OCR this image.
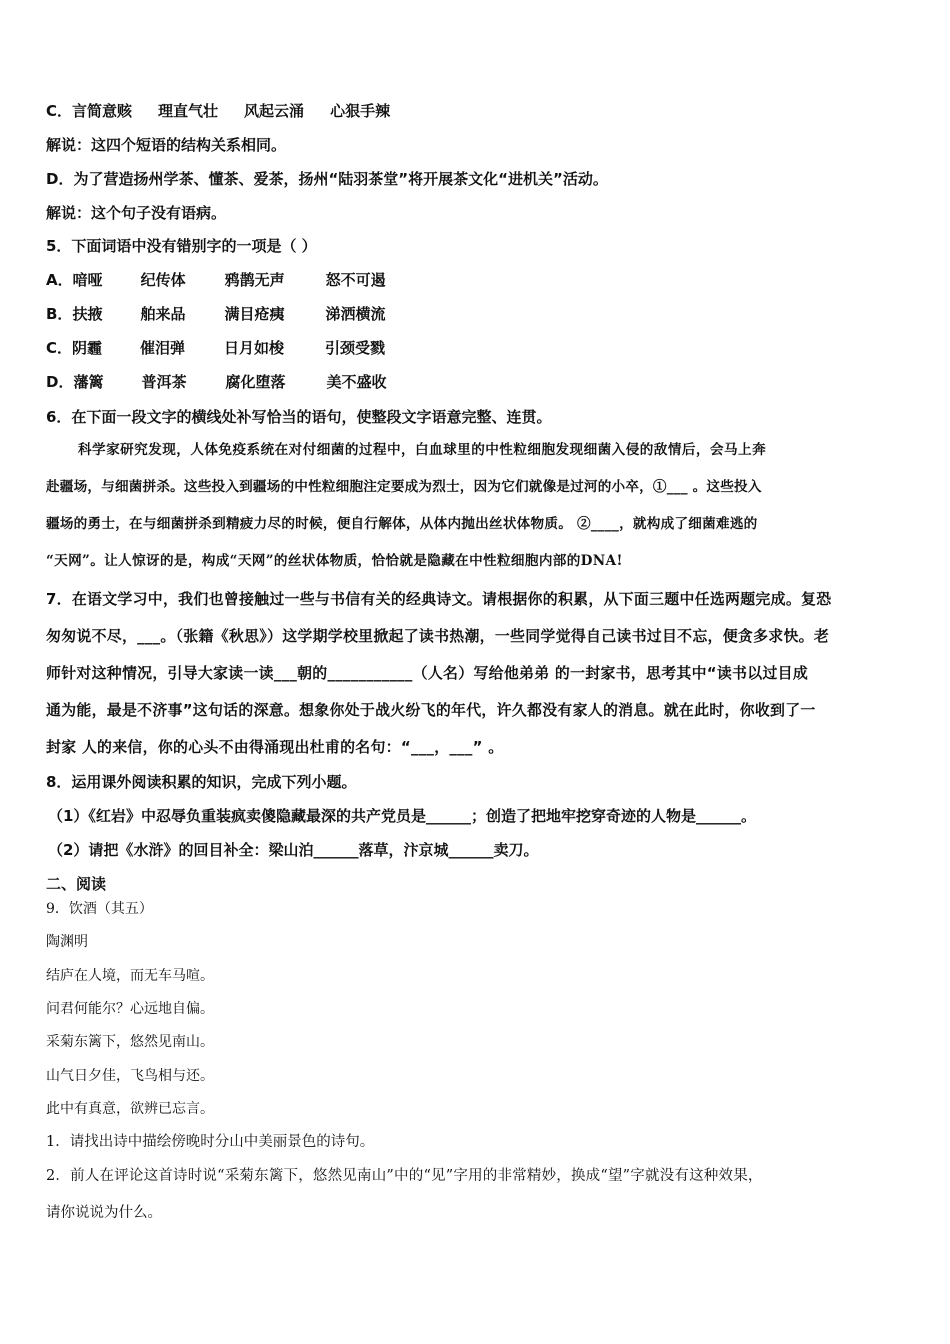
C．言简意赅 理直气壮 风起云涌 心狠手辣
解说：这四个短语的结构关系相同。
D．为了营造扬州学茶、懂茶、爱茶，扬州“陆羽茶堂”将开展茶文化“进机关”活动。
解说：这个句子没有语病。
5．下面词语中没有错别字的一项是（ ）
A．喑哑	纪传体	鸦鹊无声	怒不可遏
B．扶掖	舶来品	满目疮痍	涕洒横流
C．阴霾	催泪弹	日月如梭	引颈受戮
D．藩篱	普洱茶	腐化堕落	美不盛收
6．在下面一段文字的横线处补写恰当的语句，使整段文字语意完整、连贯。
科学家研究发现，人体免疫系统在对付细菌的过程中，白血球里的中性粒细胞发现细菌入侵的敌情后，会马上奔
赴疆场，与细菌拼杀。这些投入到疆场的中性粒细胞注定要成为烈士，因为它们就像是过河的小卒，①___ 。这些投入
疆场的勇士，在与细菌拼杀到精疲力尽的时候，便自行解体，从体内抛出丝状体物质。 ②____，就构成了细菌难逃的
“天网”。让人惊讶的是，构成“天网”的丝状体物质，恰恰就是隐藏在中性粒细胞内部的DNA!
7．在语文学习中，我们也曾接触过一些与书信有关的经典诗文。请根据你的积累，从下面三题中任选两题完成。复恐
匆匆说不尽，___。（张籍《秋思》）这学期学校里掀起了读书热潮，一些同学觉得自己读书过目不忘，便贪多求快。老
师针对这种情况，引导大家读一读___朝的___________（人名）写给他弟弟 的一封家书，思考其中“读书以过目成
通为能，最是不济事”这句话的深意。想象你处于战火纷飞的年代，许久都没有家人的消息。就在此时，你收到了一
封家 人的来信，你的心头不由得涌现出杜甫的名句：“___，___” 。
8．运用课外阅读积累的知识，完成下列小题。
（1）《红岩》中忍辱负重装疯卖傻隐藏最深的共产党员是______；创造了把地牢挖穿奇迹的人物是______。
（2）请把《水浒》的回目补全：梁山泊______落草，汴京城______卖刀。
二、阅读
9．饮酒（其五）
陶渊明
结庐在人境，而无车马喧。
问君何能尔？心远地自偏。
采菊东篱下，悠然见南山。
山气日夕佳，飞鸟相与还。
此中有真意，欲辨已忘言。
1．请找出诗中描绘傍晚时分山中美丽景色的诗句。
2．前人在评论这首诗时说“采菊东篱下，悠然见南山”中的“见”字用的非常精妙，换成“望”字就没有这种效果，
请你说说为什么。
